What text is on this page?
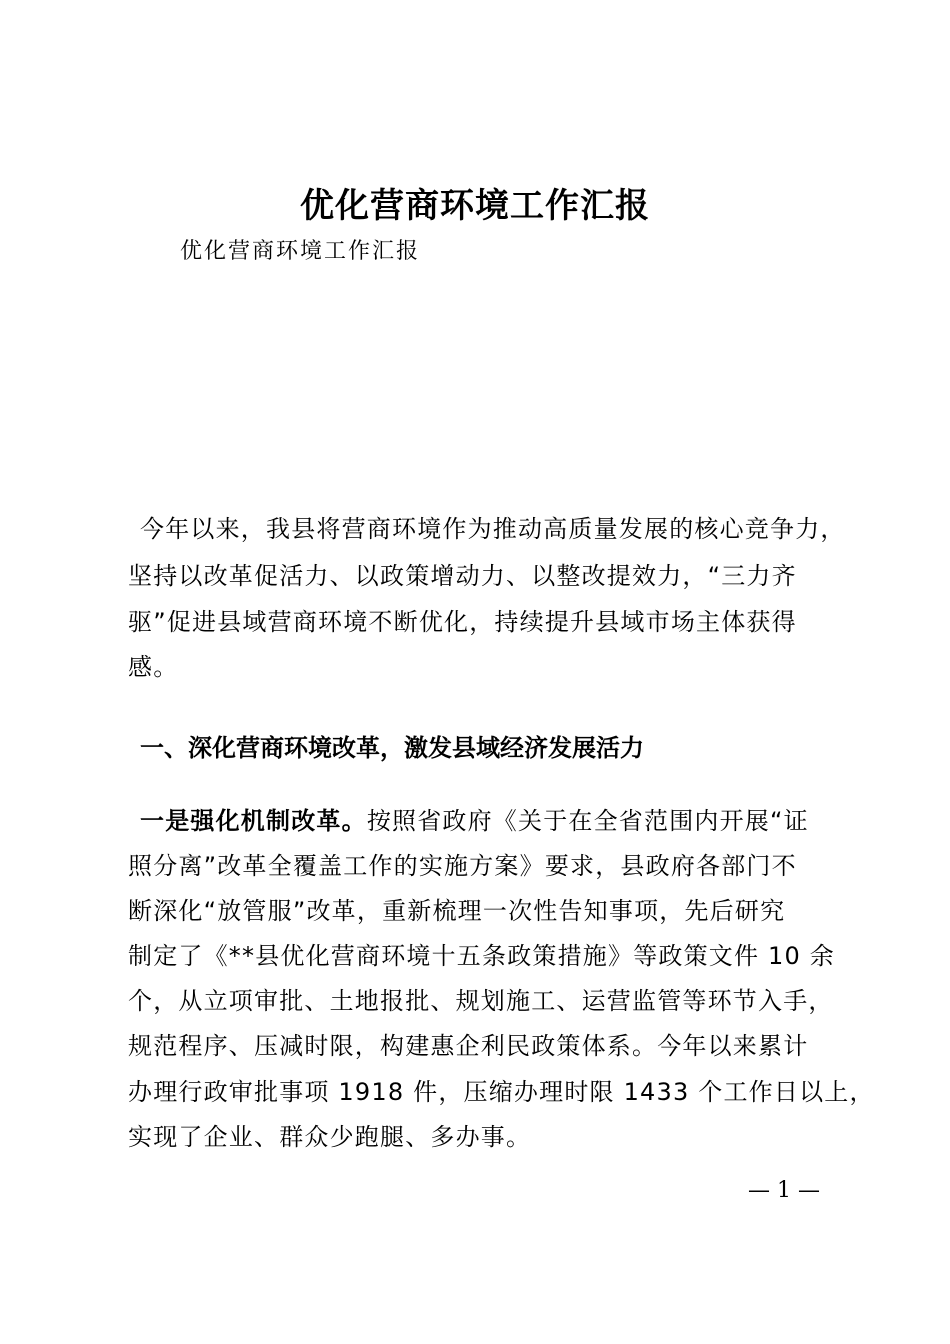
优化营商环境工作汇报
优化营商环境工作汇报
今年以来，我县将营商环境作为推动高质量发展的核心竞争力，
坚持以改革促活力、以政策增动力、以整改提效力，“三力齐
驱”促进县域营商环境不断优化，持续提升县域市场主体获得
感。
一、深化营商环境改革，激发县域经济发展活力
一是强化机制改革。按照省政府《关于在全省范围内开展“证
照分离”改革全覆盖工作的实施方案》要求，县政府各部门不
断深化“放管服”改革，重新梳理一次性告知事项，先后研究
制定了《**县优化营商环境十五条政策措施》等政策文件 10 余
个，从立项审批、土地报批、规划施工、运营监管等环节入手，
规范程序、压减时限，构建惠企利民政策体系。今年以来累计
办理行政审批事项 1918 件，压缩办理时限 1433 个工作日以上，
实现了企业、群众少跑腿、多办事。
— 1 —
